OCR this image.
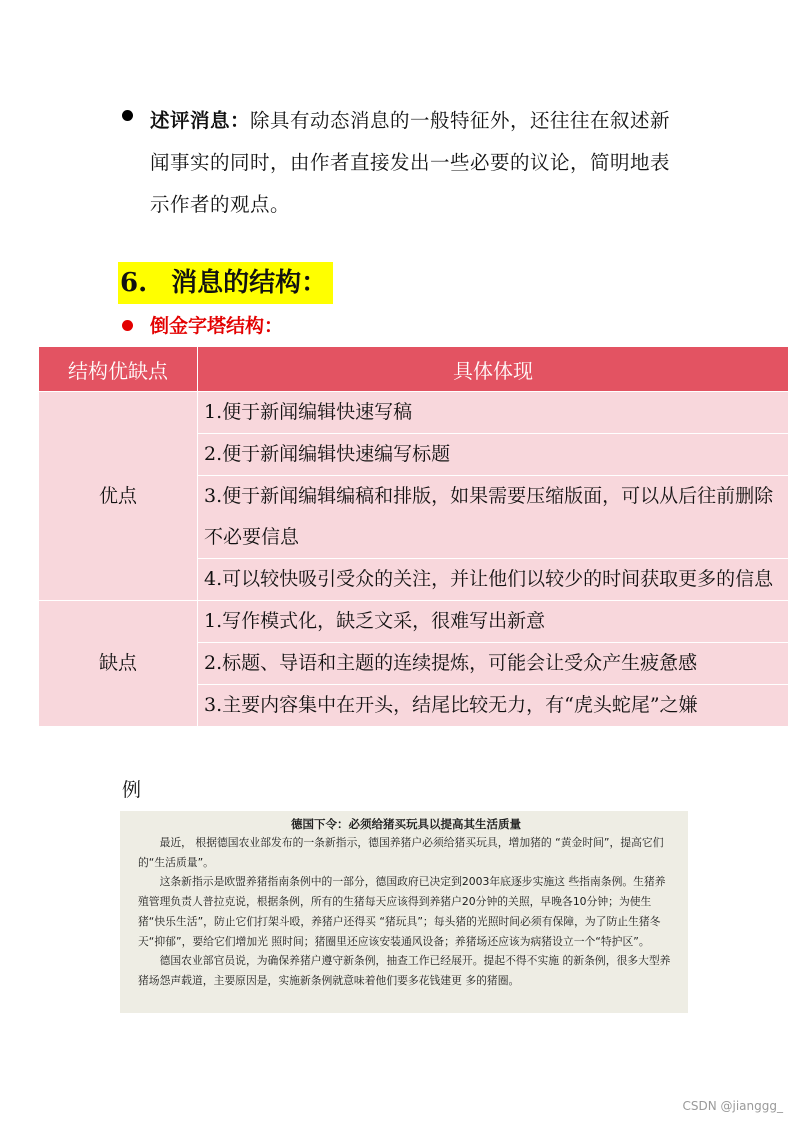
述评消息：除具有动态消息的一般特征外，还往往在叙述新闻事实的同时，由作者直接发出一些必要的议论，简明地表示作者的观点。
6. 消息的结构：
倒金字塔结构：
结构优缺点	具体体现
优点	1.便于新闻编辑快速写稿
	2.便于新闻编辑快速编写标题
	3.便于新闻编辑编稿和排版，如果需要压缩版面，可以从后往前删除不必要信息
	4.可以较快吸引受众的关注，并让他们以较少的时间获取更多的信息
缺点	1.写作模式化，缺乏文采，很难写出新意
	2.标题、导语和主题的连续提炼，可能会让受众产生疲惫感
	3.主要内容集中在开头，结尾比较无力，有“虎头蛇尾”之嫌
例
德国下令：必须给猪买玩具以提高其生活质量

最近， 根据德国农业部发布的一条新指示，德国养猪户必须给猪买玩具，增加猪的 “黄金时间”，提高它们的“生活质量”。

这条新指示是欧盟养猪指南条例中的一部分，德国政府已决定到2003年底逐步实施这 些指南条例。生猪养殖管理负责人普拉克说，根据条例，所有的生猪每天应该得到养猪户20分钟的关照，早晚各10分钟；为使生猪“快乐生活”，防止它们打架斗殴，养猪户还得买 “猪玩具”；每头猪的光照时间必须有保障，为了防止生猪冬天“抑郁”，要给它们增加光 照时间；猪圈里还应该安装通风设备；养猪场还应该为病猪设立一个“特护区”。

德国农业部官员说，为确保养猪户遵守新条例，抽查工作已经展开。提起不得不实施 的新条例，很多大型养猪场怨声载道，主要原因是，实施新条例就意味着他们要多花钱建更 多的猪圈。

CSDN @jianggg_
